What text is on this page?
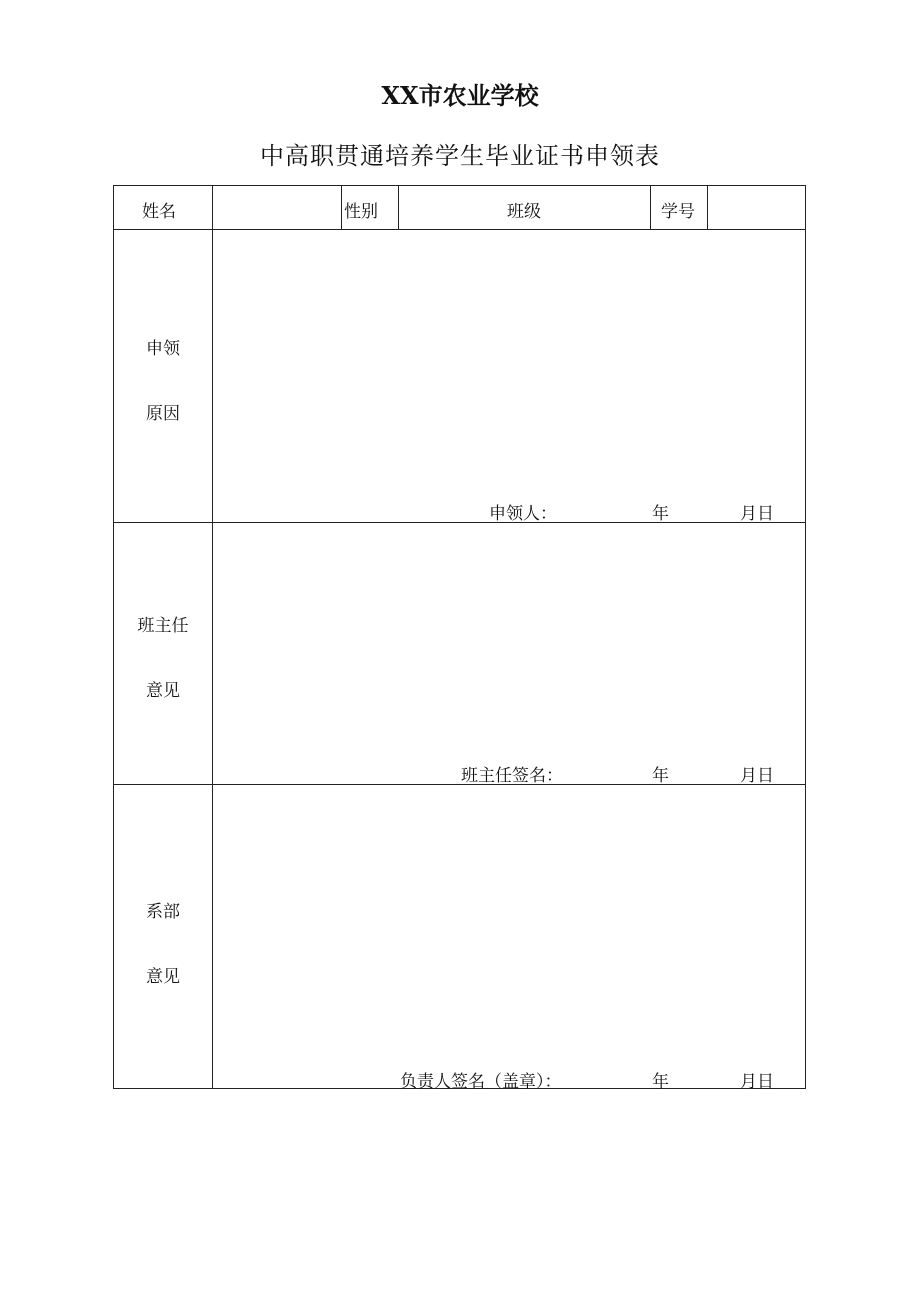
XX市农业学校
中高职贯通培养学生毕业证书申领表
姓名	性别	班级	学号
申领
原因
申领人：	年	月日
班主任
意见
班主任签名：	年	月日
系部
意见
负责人签名（盖章）：	年	月日
